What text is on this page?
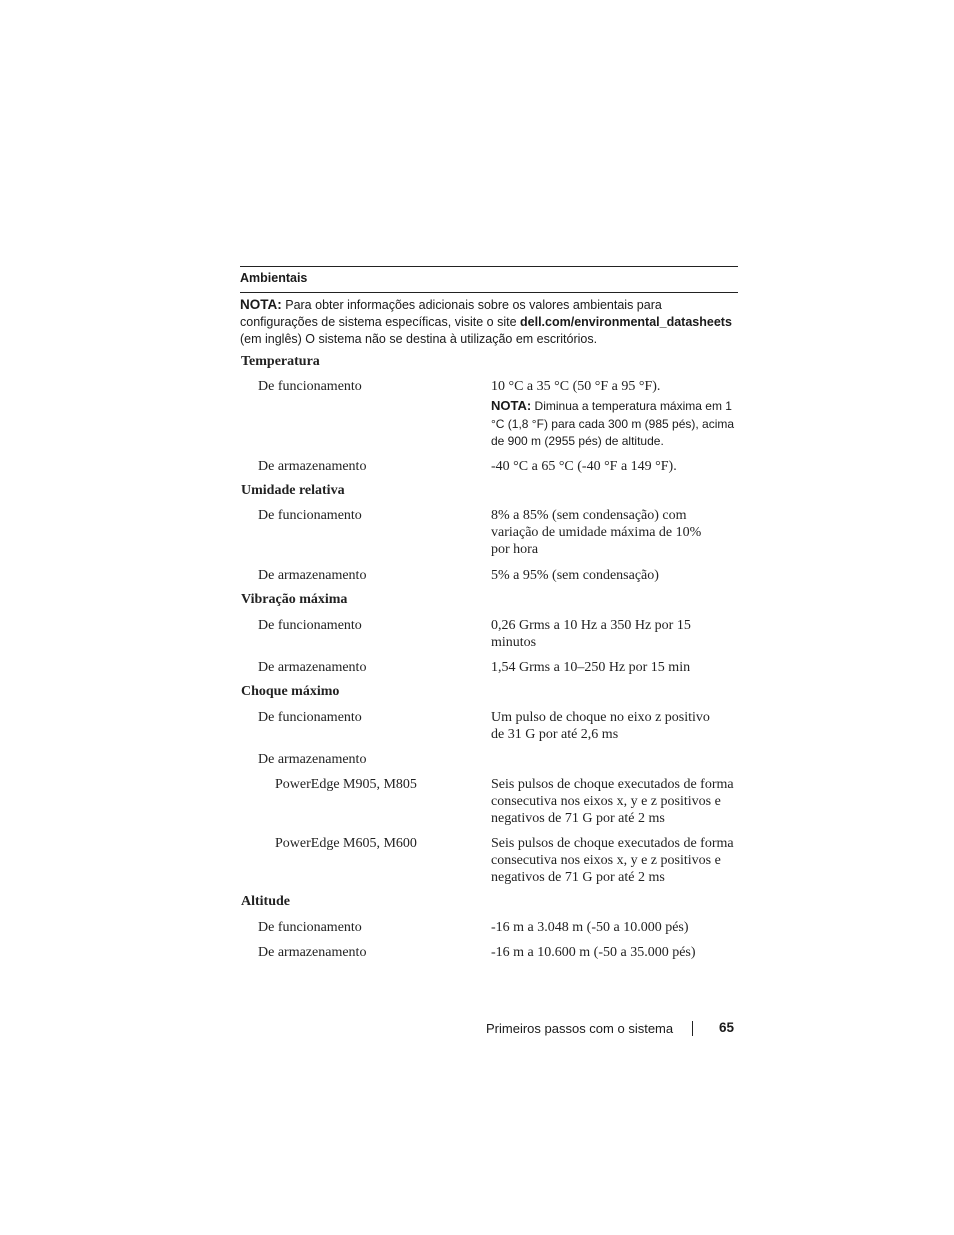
Ambientais
NOTA: Para obter informações adicionais sobre os valores ambientais para configurações de sistema específicas, visite o site dell.com/environmental_datasheets (em inglês) O sistema não se destina à utilização em escritórios.
Temperatura
De funcionamento	10 °C a 35 °C (50 °F a 95 °F).
NOTA: Diminua a temperatura máxima em 1 °C (1,8 °F) para cada 300 m (985 pés), acima de 900 m (2955 pés) de altitude.
De armazenamento	-40 °C a 65 °C (-40 °F a 149 °F).
Umidade relativa
De funcionamento	8% a 85% (sem condensação) com variação de umidade máxima de 10% por hora
De armazenamento	5% a 95% (sem condensação)
Vibração máxima
De funcionamento	0,26 Grms a 10 Hz a 350 Hz por 15 minutos
De armazenamento	1,54 Grms a 10–250 Hz por 15 min
Choque máximo
De funcionamento	Um pulso de choque no eixo z positivo de 31 G por até 2,6 ms
De armazenamento
PowerEdge M905, M805	Seis pulsos de choque executados de forma consecutiva nos eixos x, y e z positivos e negativos de 71 G por até 2 ms
PowerEdge M605, M600	Seis pulsos de choque executados de forma consecutiva nos eixos x, y e z positivos e negativos de 71 G por até 2 ms
Altitude
De funcionamento	-16 m a 3.048 m (-50 a 10.000 pés)
De armazenamento	-16 m a 10.600 m (-50 a 35.000 pés)
Primeiros passos com o sistema	65
